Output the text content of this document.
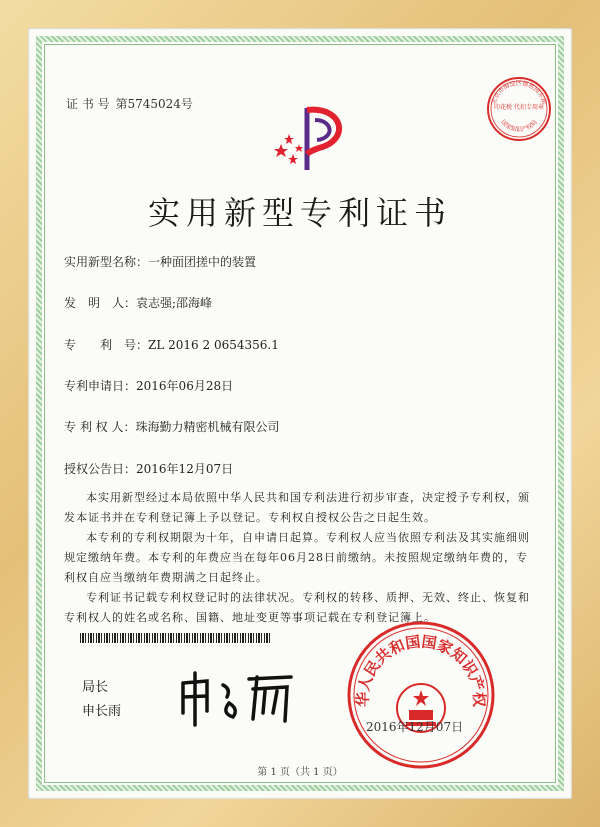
证 书 号 第5745024号	北京市海淀区德胜园东街
印花税 代扣专用章
国家知识产权局
实用新型专利证书
实用新型名称：一种面团搓中的装置
发　明　人：袁志强;邵海峰
专　　利　号：ZL 2016 2 0654356.1
专利申请日：2016年06月28日
专 利 权 人：珠海勤力精密机械有限公司
授权公告日：2016年12月07日

本实用新型经过本局依照中华人民共和国专利法进行初步审查，决定授予专利权，颁发本证书并在专利登记簿上予以登记。专利权自授权公告之日起生效。

本专利的专利权期限为十年，自申请日起算。专利权人应当依照专利法及其实施细则规定缴纳年费。本专利的年费应当在每年06月28日前缴纳。未按照规定缴纳年费的，专利权自应当缴纳年费期满之日起终止。

专利证书记载专利权登记时的法律状况。专利权的转移、质押、无效、终止、恢复和专利权人的姓名或名称、国籍、地址变更等事项记载在专利登记簿上。

局长
申长雨
华人民共和国国家知识产权
2016年12月07日
第 1 页（共 1 页）
